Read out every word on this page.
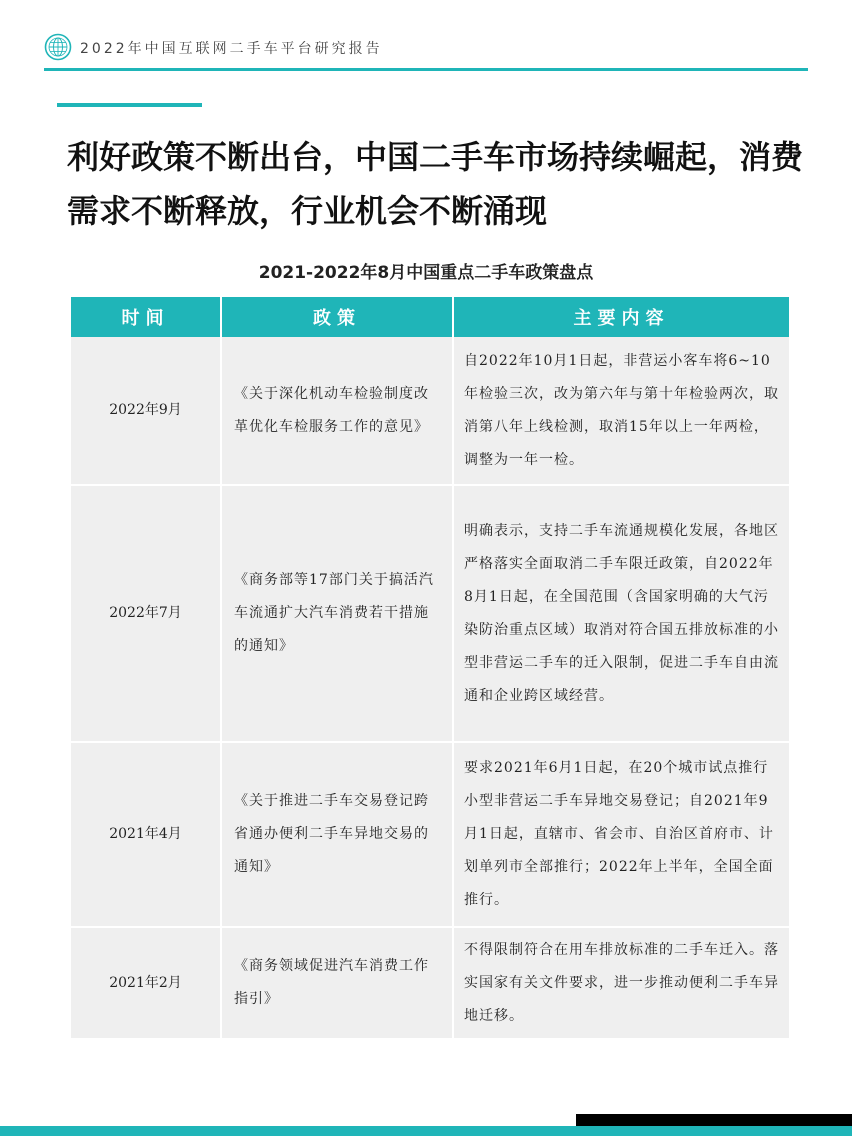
2022年中国互联网二手车平台研究报告
利好政策不断出台，中国二手车市场持续崛起，消费需求不断释放，行业机会不断涌现
2021-2022年8月中国重点二手车政策盘点
时间	政策	主要内容
2022年9月	《关于深化机动车检验制度改革优化车检服务工作的意见》	自2022年10月1日起，非营运小客车将6~10年检验三次，改为第六年与第十年检验两次，取消第八年上线检测，取消15年以上一年两检，调整为一年一检。
2022年7月	《商务部等17部门关于搞活汽车流通扩大汽车消费若干措施的通知》	明确表示，支持二手车流通规模化发展，各地区严格落实全面取消二手车限迁政策，自2022年8月1日起，在全国范围（含国家明确的大气污染防治重点区域）取消对符合国五排放标准的小型非营运二手车的迁入限制，促进二手车自由流通和企业跨区域经营。
2021年4月	《关于推进二手车交易登记跨省通办便利二手车异地交易的通知》	要求2021年6月1日起，在20个城市试点推行小型非营运二手车异地交易登记；自2021年9月1日起，直辖市、省会市、自治区首府市、计划单列市全部推行；2022年上半年，全国全面推行。
2021年2月	《商务领域促进汽车消费工作指引》	不得限制符合在用车排放标准的二手车迁入。落实国家有关文件要求，进一步推动便利二手车异地迁移。
